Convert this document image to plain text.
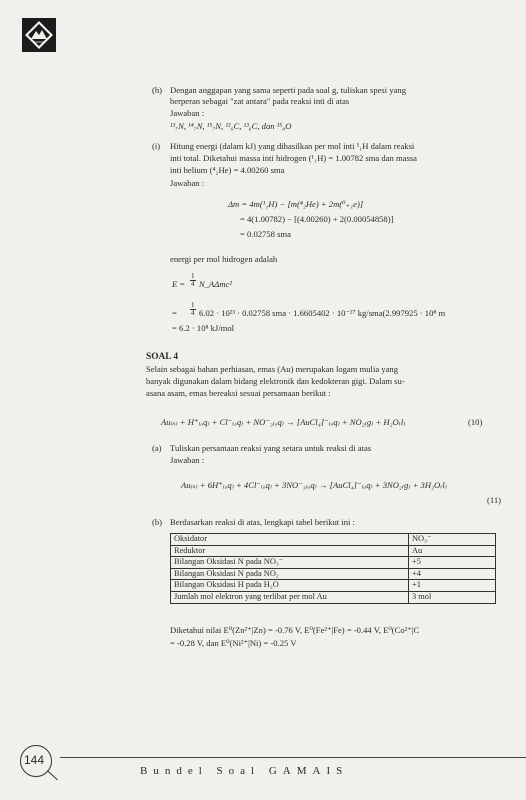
GAMAIS
(h) Dengan anggapan yang sama seperti pada soal g, tuliskan spesi yang
berperan sebagai "zat antara" pada reaksi inti di atas
Jawaban :
¹³₇N, ¹⁴₇N, ¹⁵₇N, ¹²₆C, ¹³₆C, dan ¹⁵₈O
(i) Hitung energi (dalam kJ) yang dihasilkan per mol inti ¹₁H dalam reaksi
inti total. Diketahui massa inti hidrogen (¹₁H) = 1.00782 sma dan massa
inti helium (⁴₂He) = 4.00260 sma
Jawaban :
Δm = 4m(¹₁H) − [m(⁴₂He) + 2m(⁰₊₁e)]
= 4(1.00782) − [(4.00260) + 2(0.00054858)]
= 0.02758 sma
energi per mol hidrogen adalah
$E = \frac{1}{4}$ N_AΔmc²
= $\frac{1}{4} 6.02 \cdot 10^{23} \cdot 0.02758$ sma · 1.6605402 · 10⁻²⁷ kg/sma(2.997925 · 10⁸ m
= 6.2 · 10⁸ kJ/mol
SOAL 4
Selain sebagai bahan perhiasan, emas (Au) merupakan logam mulia yang
banyak digunakan dalam bidang elektronik dan kedokteran gigi. Dalam su-
asana asam, emas bereaksi sesuai persamaan berikut :
Au₍ₛ₎ + H⁺₍ₐq₎ + Cl⁻₍ₐq₎ + NO⁻₃₍ₐq₎ → [AuCl₄]⁻₍ₐq₎ + NO₂₍g₎ + H₂O₍l₎	(10)
(a) Tuliskan persamaan reaksi yang setara untuk reaksi di atas
Jawaban :
Au₍ₛ₎ + 6H⁺₍ₐq₎ + 4Cl⁻₍ₐq₎ + 3NO⁻₃₍ₐq₎ → [AuCl₄]⁻₍ₐq₎ + 3NO₂₍g₎ + 3H₂O₍l₎
(11)
(b) Berdasarkan reaksi di atas, lengkapi tabel berikut ini :
Oksidator	NO₃⁻
Reduktor	Au
Bilangan Oksidasi N pada NO₃⁻	+5
Bilangan Oksidasi N pada NO₂	+4
Bilangan Oksidasi H pada H₂O	+1
Jumlah mol elektron yang terlibat per mol Au	3 mol
Diketahui nilai E⁰(Zn²⁺|Zn) = -0.76 V, E⁰(Fe²⁺|Fe) = -0.44 V, E⁰(Co²⁺|C
= -0.28 V, dan E⁰(Ni²⁺|Ni) = -0.25 V
144
Bundel Soal GAMAIS
